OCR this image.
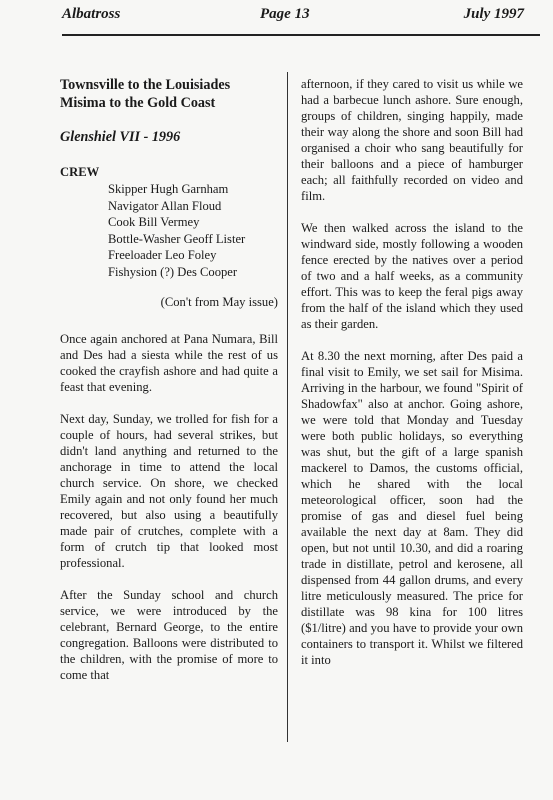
Albatross	Page 13	July 1997
Townsville to the Louisiades Misima to the Gold Coast
Glenshiel VII - 1996
CREW
Skipper Hugh Garnham
Navigator Allan Floud
Cook Bill Vermey
Bottle-Washer Geoff Lister
Freeloader Leo Foley
Fishysion (?) Des Cooper
(Con't from May issue)

Once again anchored at Pana Numara, Bill and Des had a siesta while the rest of us cooked the crayfish ashore and had quite a feast that evening.

Next day, Sunday, we trolled for fish for a couple of hours, had several strikes, but didn't land anything and returned to the anchorage in time to attend the local church service. On shore, we checked Emily again and not only found her much recovered, but also using a beautifully made pair of crutches, complete with a form of crutch tip that looked most professional.

After the Sunday school and church service, we were introduced by the celebrant, Bernard George, to the entire congregation. Balloons were distributed to the children, with the promise of more to come that

afternoon, if they cared to visit us while we had a barbecue lunch ashore. Sure enough, groups of children, singing happily, made their way along the shore and soon Bill had organised a choir who sang beautifully for their balloons and a piece of hamburger each; all faithfully recorded on video and film.

We then walked across the island to the windward side, mostly following a wooden fence erected by the natives over a period of two and a half weeks, as a community effort. This was to keep the feral pigs away from the half of the island which they used as their garden.

At 8.30 the next morning, after Des paid a final visit to Emily, we set sail for Misima. Arriving in the harbour, we found "Spirit of Shadowfax" also at anchor. Going ashore, we were told that Monday and Tuesday were both public holidays, so everything was shut, but the gift of a large spanish mackerel to Damos, the customs official, which he shared with the local meteorological officer, soon had the promise of gas and diesel fuel being available the next day at 8am. They did open, but not until 10.30, and did a roaring trade in distillate, petrol and kerosene, all dispensed from 44 gallon drums, and every litre meticulously measured. The price for distillate was 98 kina for 100 litres ($1/litre) and you have to provide your own containers to transport it. Whilst we filtered it into
